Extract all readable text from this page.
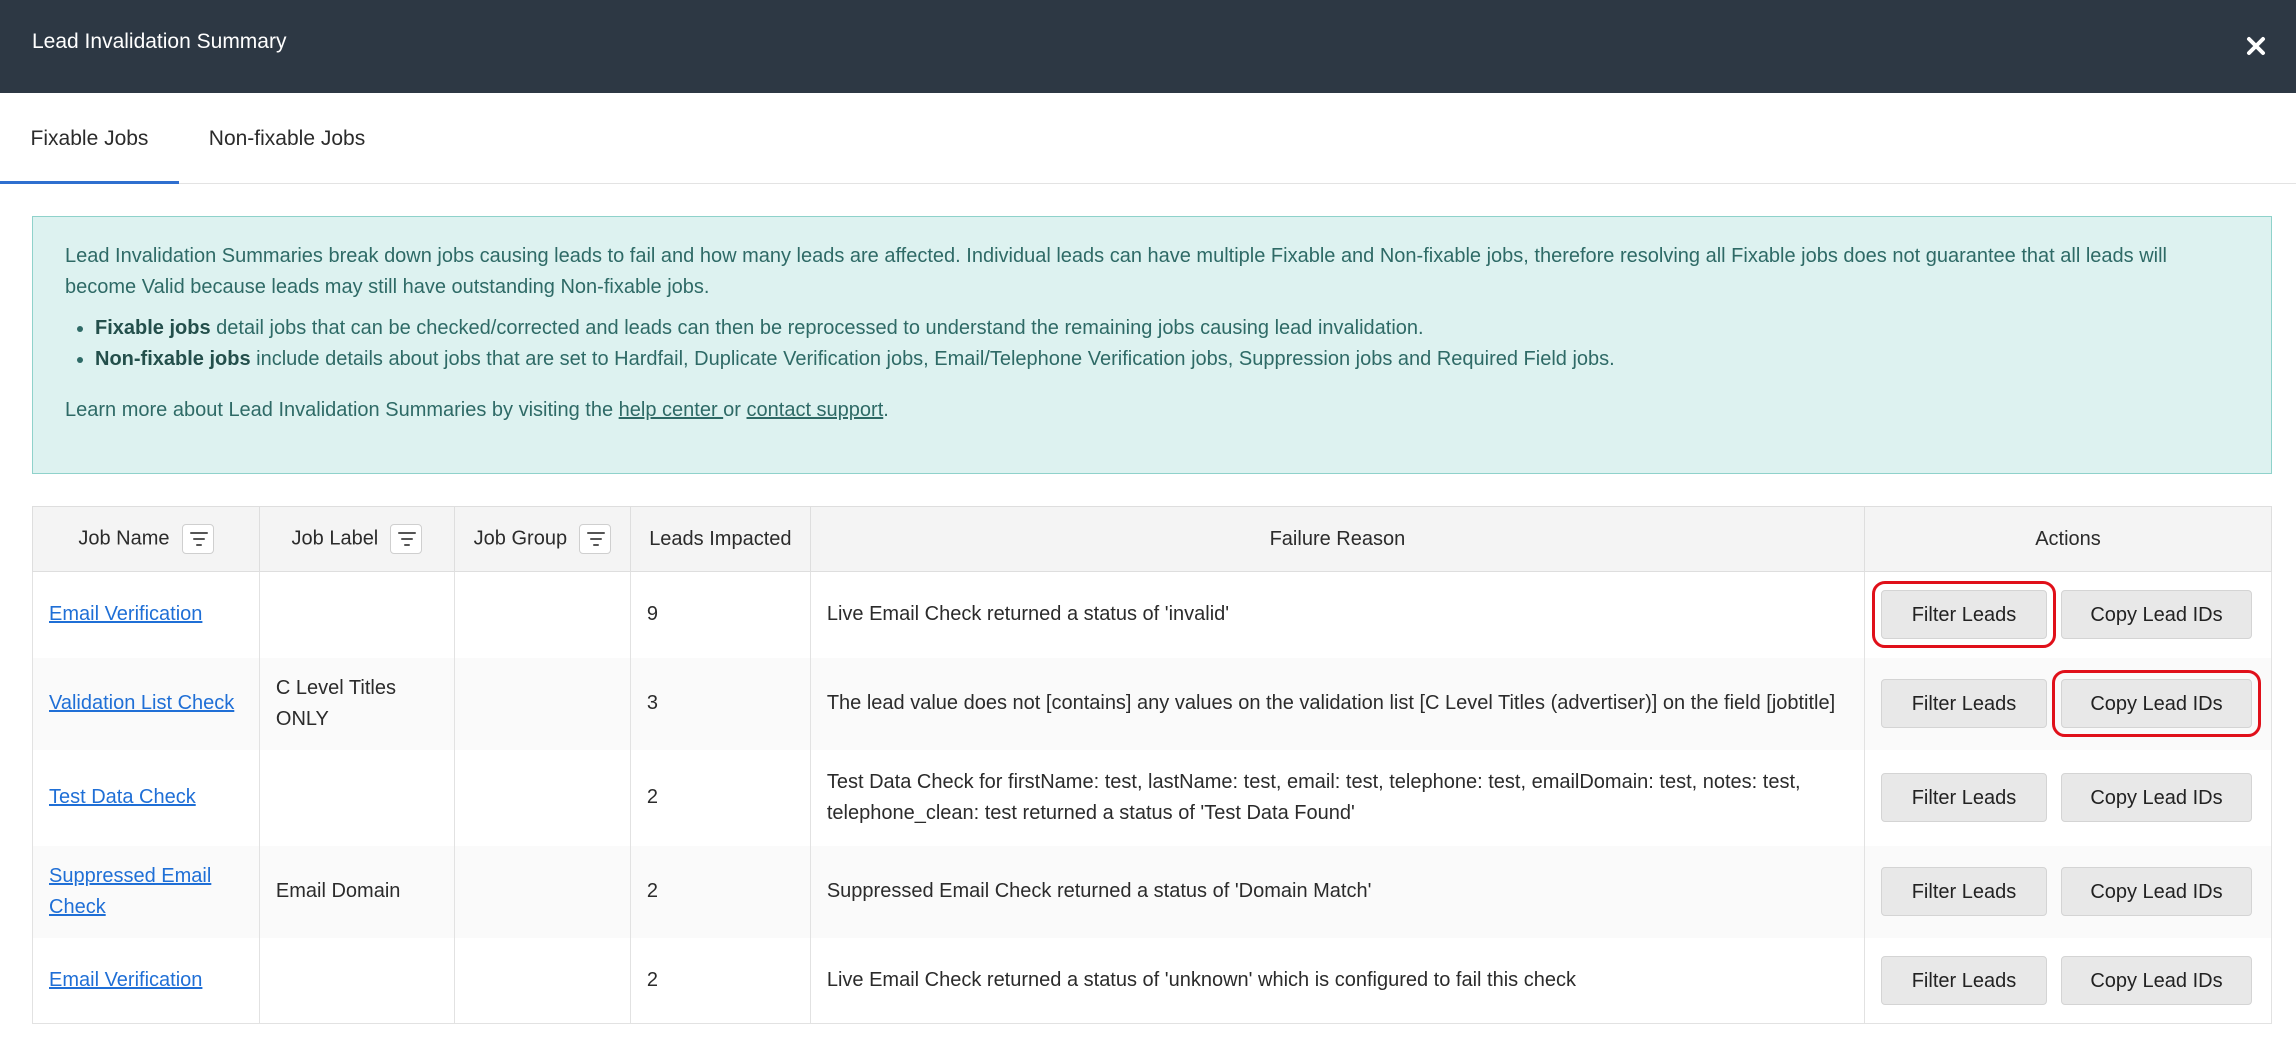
Lead Invalidation Summary
Fixable Jobs	Non-fixable Jobs
Lead Invalidation Summaries break down jobs causing leads to fail and how many leads are affected. Individual leads can have multiple Fixable and Non-fixable jobs, therefore resolving all Fixable jobs does not guarantee that all leads will become Valid because leads may still have outstanding Non-fixable jobs.
• Fixable jobs detail jobs that can be checked/corrected and leads can then be reprocessed to understand the remaining jobs causing lead invalidation.
• Non-fixable jobs include details about jobs that are set to Hardfail, Duplicate Verification jobs, Email/Telephone Verification jobs, Suppression jobs and Required Field jobs.
Learn more about Lead Invalidation Summaries by visiting the help center or contact support.
Job Name	Job Label	Job Group	Leads Impacted	Failure Reason	Actions
Email Verification			9	Live Email Check returned a status of 'invalid'	Filter Leads Copy Lead IDs
Validation List Check	C Level Titles ONLY		3	The lead value does not [contains] any values on the validation list [C Level Titles (advertiser)] on the field [jobtitle]	Filter Leads Copy Lead IDs
Test Data Check			2	Test Data Check for firstName: test, lastName: test, email: test, telephone: test, emailDomain: test, notes: test, telephone_clean: test returned a status of 'Test Data Found'	Filter Leads Copy Lead IDs
Suppressed Email Check	Email Domain		2	Suppressed Email Check returned a status of 'Domain Match'	Filter Leads Copy Lead IDs
Email Verification			2	Live Email Check returned a status of 'unknown' which is configured to fail this check	Filter Leads Copy Lead IDs
